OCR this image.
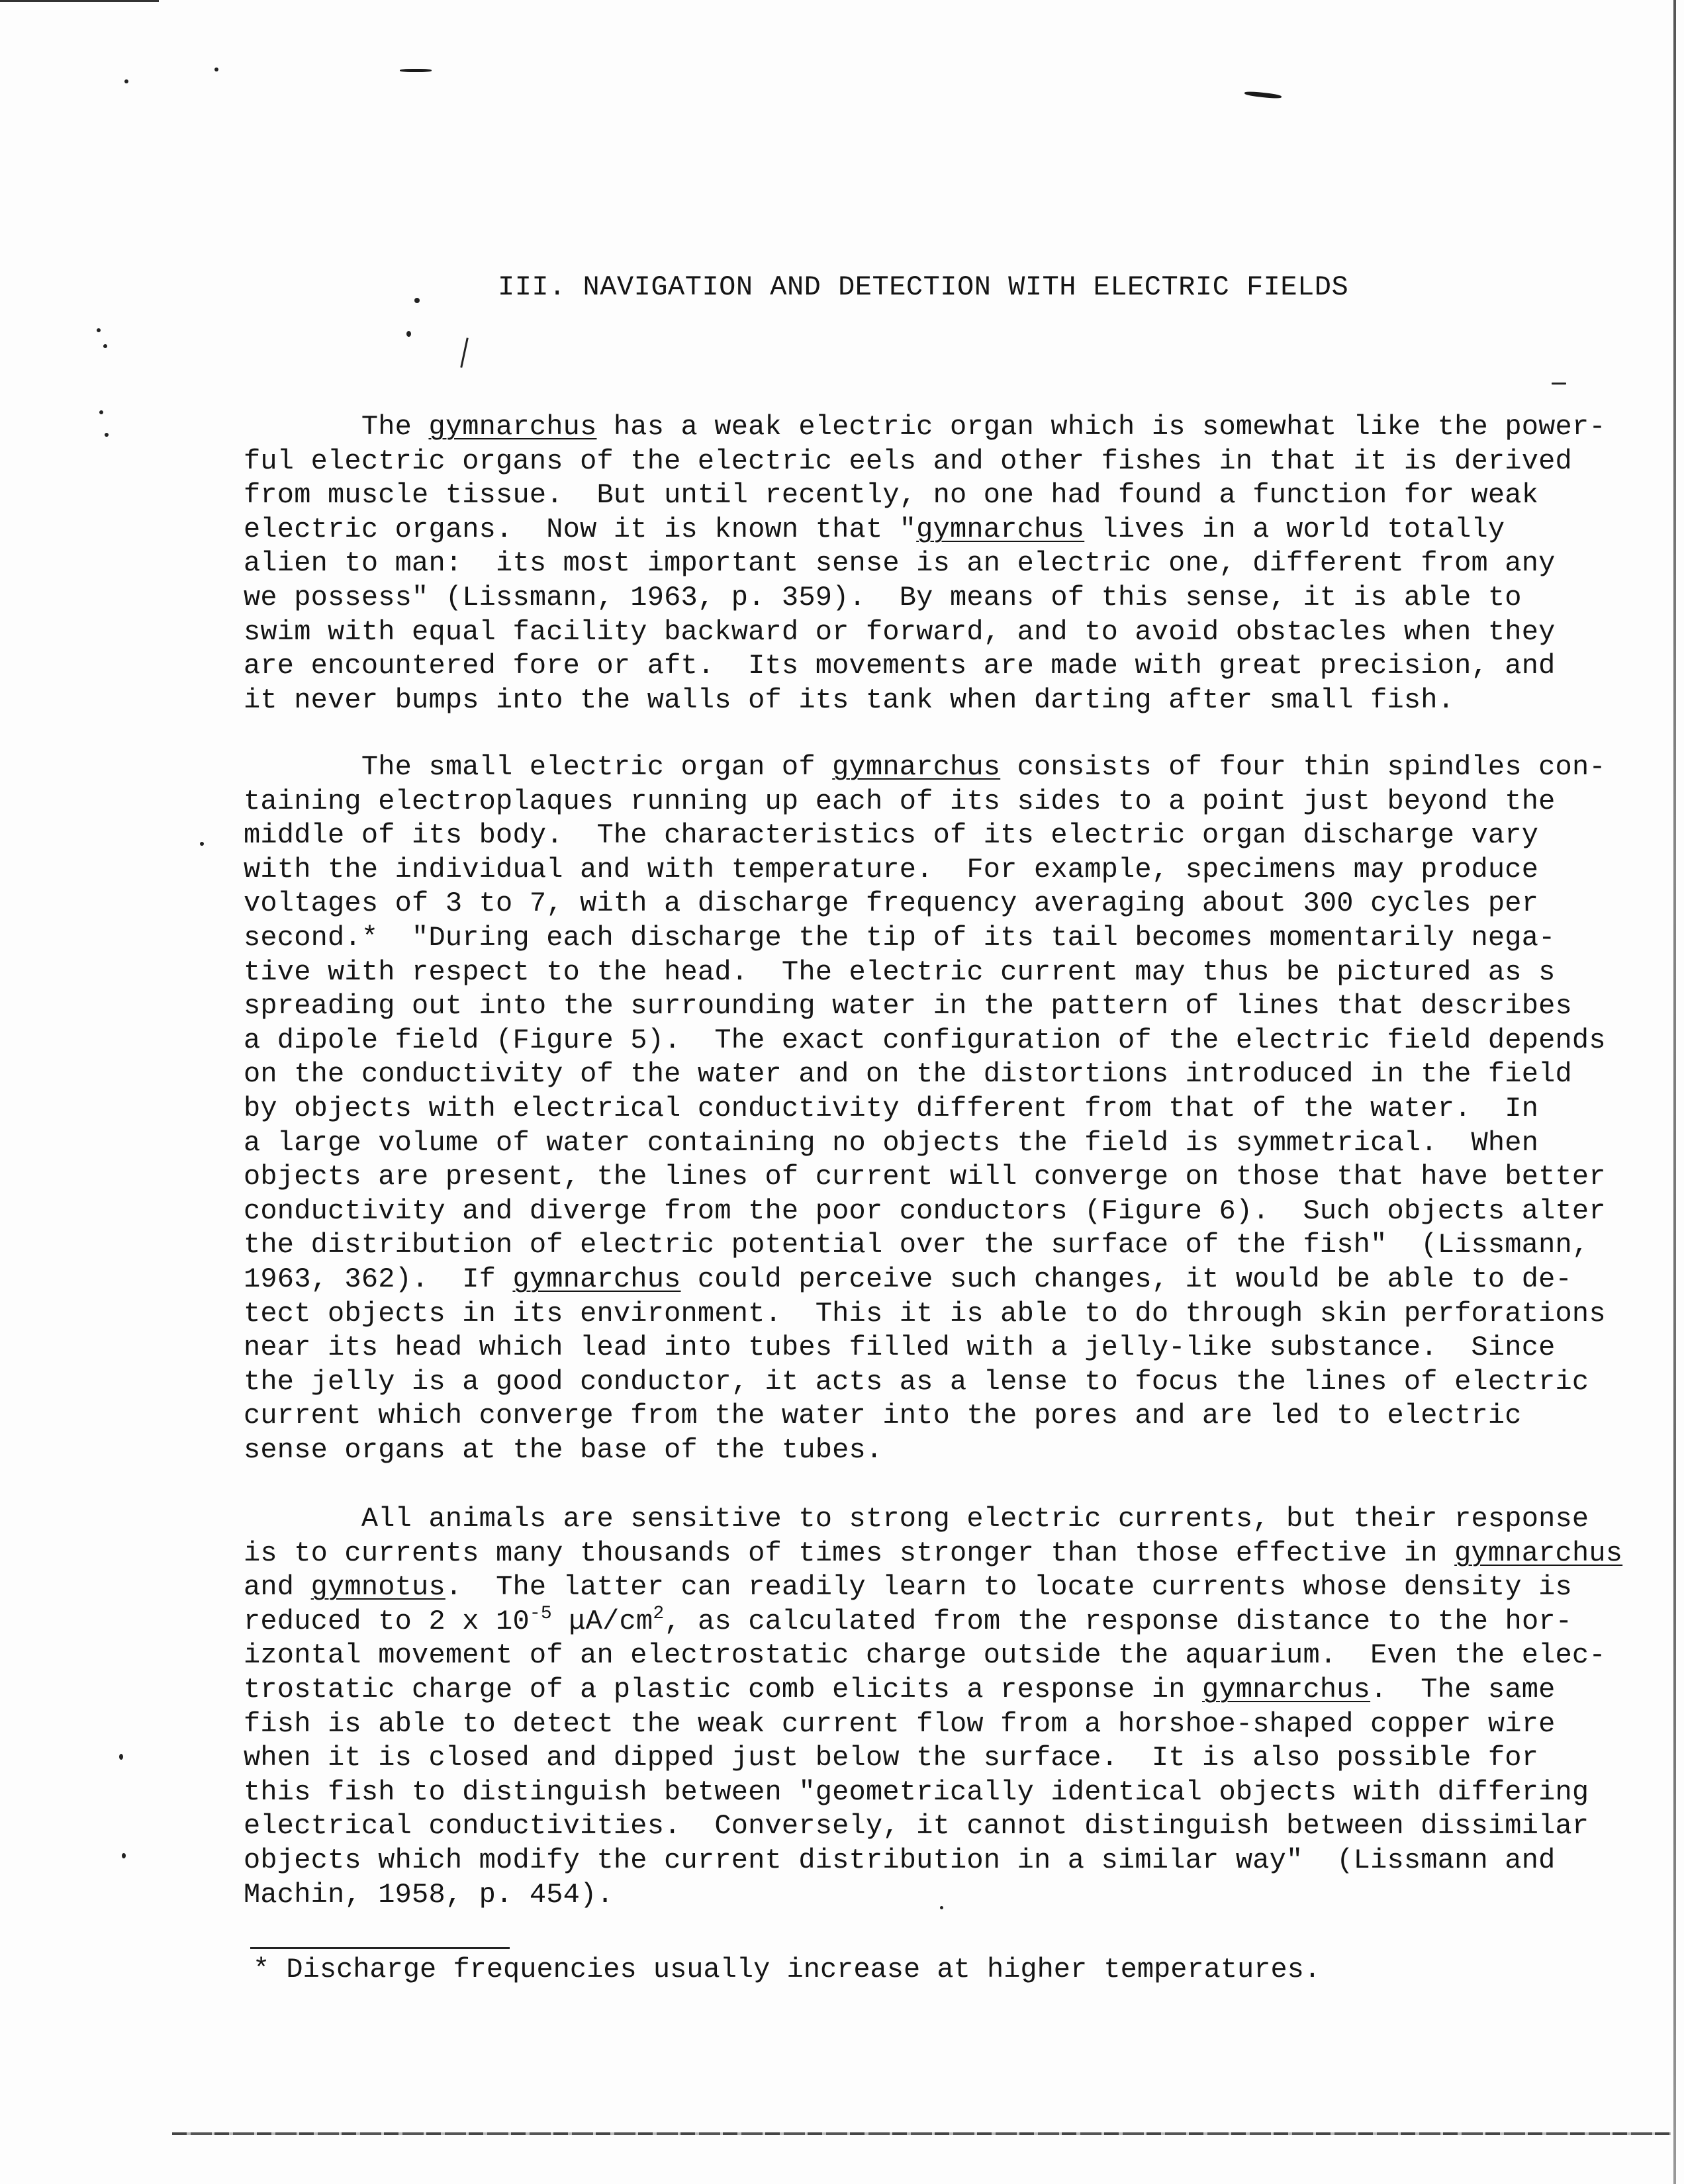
III. NAVIGATION AND DETECTION WITH ELECTRIC FIELDS
The gymnarchus has a weak electric organ which is somewhat like the power-
ful electric organs of the electric eels and other fishes in that it is derived
from muscle tissue.  But until recently, no one had found a function for weak
electric organs.  Now it is known that "gymnarchus lives in a world totally
alien to man:  its most important sense is an electric one, different from any
we possess" (Lissmann, 1963, p. 359).  By means of this sense, it is able to
swim with equal facility backward or forward, and to avoid obstacles when they
are encountered fore or aft.  Its movements are made with great precision, and
it never bumps into the walls of its tank when darting after small fish.
The small electric organ of gymnarchus consists of four thin spindles con-
taining electroplaques running up each of its sides to a point just beyond the
middle of its body.  The characteristics of its electric organ discharge vary
with the individual and with temperature.  For example, specimens may produce
voltages of 3 to 7, with a discharge frequency averaging about 300 cycles per
second.*  "During each discharge the tip of its tail becomes momentarily nega-
tive with respect to the head.  The electric current may thus be pictured as s
spreading out into the surrounding water in the pattern of lines that describes
a dipole field (Figure 5).  The exact configuration of the electric field depends
on the conductivity of the water and on the distortions introduced in the field
by objects with electrical conductivity different from that of the water.  In
a large volume of water containing no objects the field is symmetrical.  When
objects are present, the lines of current will converge on those that have better
conductivity and diverge from the poor conductors (Figure 6).  Such objects alter
the distribution of electric potential over the surface of the fish"  (Lissmann,
1963, 362).  If gymnarchus could perceive such changes, it would be able to de-
tect objects in its environment.  This it is able to do through skin perforations
near its head which lead into tubes filled with a jelly-like substance.  Since
the jelly is a good conductor, it acts as a lense to focus the lines of electric
current which converge from the water into the pores and are led to electric
sense organs at the base of the tubes.
All animals are sensitive to strong electric currents, but their response
is to currents many thousands of times stronger than those effective in gymnarchus
and gymnotus.  The latter can readily learn to locate currents whose density is
reduced to 2 x $10^{-5}$ $\mu A/cm^2$, as calculated from the response distance to the hor-
izontal movement of an electrostatic charge outside the aquarium.  Even the elec-
trostatic charge of a plastic comb elicits a response in gymnarchus.  The same
fish is able to detect the weak current flow from a horshoe-shaped copper wire
when it is closed and dipped just below the surface.  It is also possible for
this fish to distinguish between "geometrically identical objects with differing
electrical conductivities.  Conversely, it cannot distinguish between dissimilar
objects which modify the current distribution in a similar way"  (Lissmann and
Machin, 1958, p. 454).
* Discharge frequencies usually increase at higher temperatures.
